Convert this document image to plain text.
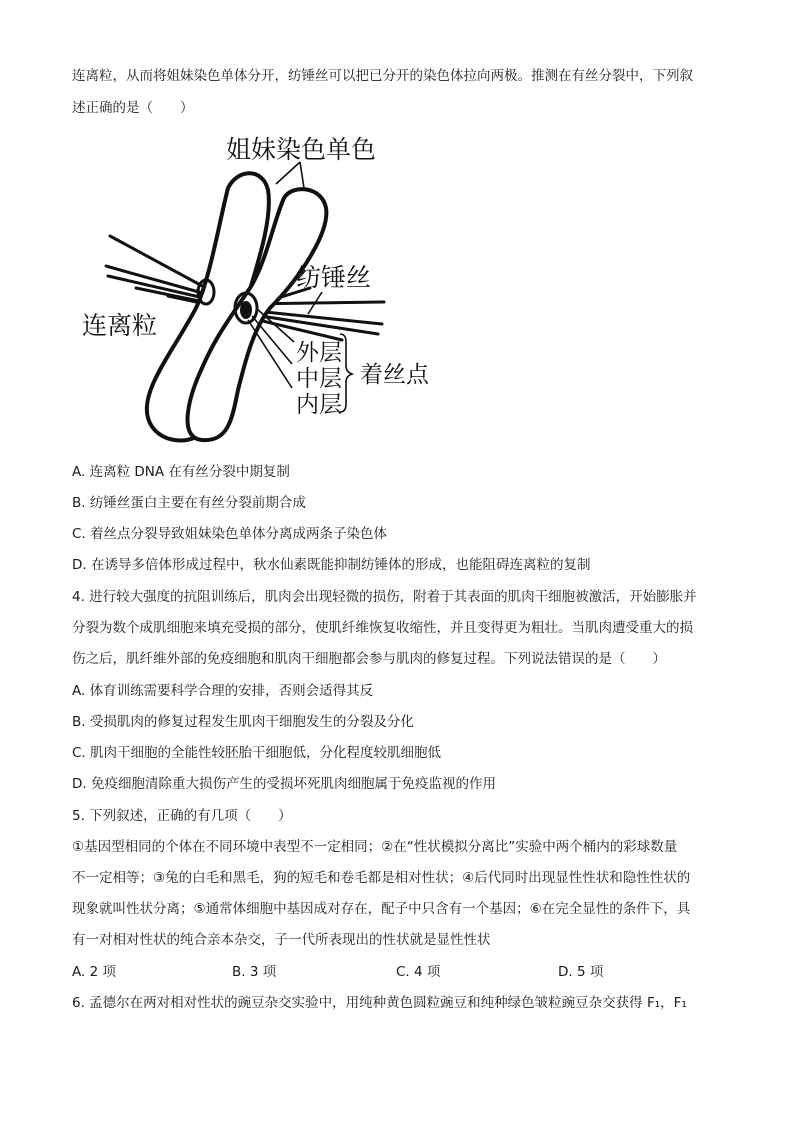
连离粒，从而将姐妹染色单体分开，纺锤丝可以把已分开的染色体拉向两极。推测在有丝分裂中，下列叙
述正确的是（　　）
姐妹染色单色
纺锤丝
连离粒
外层
中层
内层
着丝点
A. 连离粒 DNA 在有丝分裂中期复制
B. 纺锤丝蛋白主要在有丝分裂前期合成
C. 着丝点分裂导致姐妹染色单体分离成两条子染色体
D. 在诱导多倍体形成过程中，秋水仙素既能抑制纺锤体的形成，也能阻碍连离粒的复制
4. 进行较大强度的抗阻训练后，肌肉会出现轻微的损伤，附着于其表面的肌肉干细胞被激活，开始膨胀并
分裂为数个成肌细胞来填充受损的部分，使肌纤维恢复收缩性，并且变得更为粗壮。当肌肉遭受重大的损
伤之后，肌纤维外部的免疫细胞和肌肉干细胞都会参与肌肉的修复过程。下列说法错误的是（　　）
A. 体育训练需要科学合理的安排，否则会适得其反
B. 受损肌肉的修复过程发生肌肉干细胞发生的分裂及分化
C. 肌肉干细胞的全能性较胚胎干细胞低，分化程度较肌细胞低
D. 免疫细胞清除重大损伤产生的受损坏死肌肉细胞属于免疫监视的作用
5. 下列叙述，正确的有几项（　　）
①基因型相同的个体在不同环境中表型不一定相同；②在“性状模拟分离比”实验中两个桶内的彩球数量
不一定相等；③兔的白毛和黑毛，狗的短毛和卷毛都是相对性状；④后代同时出现显性性状和隐性性状的
现象就叫性状分离；⑤通常体细胞中基因成对存在，配子中只含有一个基因；⑥在完全显性的条件下，具
有一对相对性状的纯合亲本杂交，子一代所表现出的性状就是显性性状
A. 2 项	B. 3 项	C. 4 项	D. 5 项
6. 孟德尔在两对相对性状的豌豆杂交实验中，用纯种黄色圆粒豌豆和纯种绿色皱粒豌豆杂交获得 F₁，F₁
